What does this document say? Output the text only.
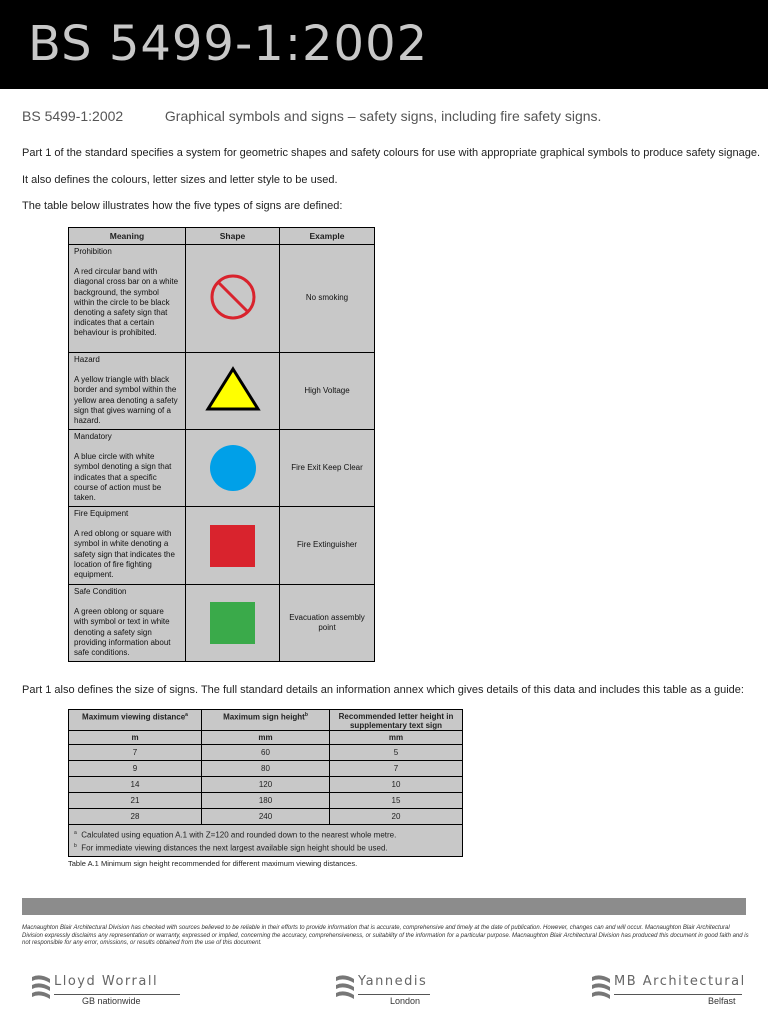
BS 5499-1:2002
BS 5499-1:2002	Graphical symbols and signs – safety signs, including fire safety signs.
Part 1 of the standard specifies a system for geometric shapes and safety colours for use with appropriate graphical symbols to produce safety signage.
It also defines the colours, letter sizes and letter style to be used.
The table below illustrates how the five types of signs are defined:
Meaning	Shape	Example

Prohibition
A red circular band with diagonal cross bar on a white background, the symbol within the circle to be black denoting a safety sign that indicates that a certain behaviour is prohibited.		No smoking

Hazard
A yellow triangle with black border and symbol within the yellow area denoting a safety sign that gives warning of a hazard.		High Voltage

Mandatory
A blue circle with white symbol denoting a sign that indicates that a specific course of action must be taken.		Fire Exit Keep Clear

Fire Equipment
A red oblong or square with symbol in white denoting a safety sign that indicates the location of fire fighting equipment.		Fire Extinguisher

Safe Condition
A green oblong or square with symbol or text in white denoting a safety sign providing information about safe conditions.		Evacuation assembly point
Part 1 also defines the size of signs. The full standard details an information annex which gives details of this data and includes this table as a guide:
Maximum viewing distance$^a$	Maximum sign height$^b$	Recommended letter height in supplementary text sign
m	mm	mm
7	60	5
9	80	7
14	120	10
21	180	15
28	240	20

$^a$ Calculated using equation A.1 with Z=120 and rounded down to the nearest whole metre.
$^b$ For immediate viewing distances the next largest available sign height should be used.		
Table A.1 Minimum sign height recommended for different maximum viewing distances.
Macnaughton Blair Architectural Division has checked with sources believed to be reliable in their efforts to provide information that is accurate, comprehensive and timely at the date of publication. However, changes can and will occur. Macnaughton Blair Architectural Division expressly disclaims any representation or warranty, expressed or implied, concerning the accuracy, comprehensiveness, or suitability of the information for a particular purpose. Macnaughton Blair Architectural Division has produced this document in good faith and is not responsible for any error, omissions, or results obtained from the use of this document.
Lloyd Worrall
GB nationwide
Yannedis
London
MB Architectural
Belfast
